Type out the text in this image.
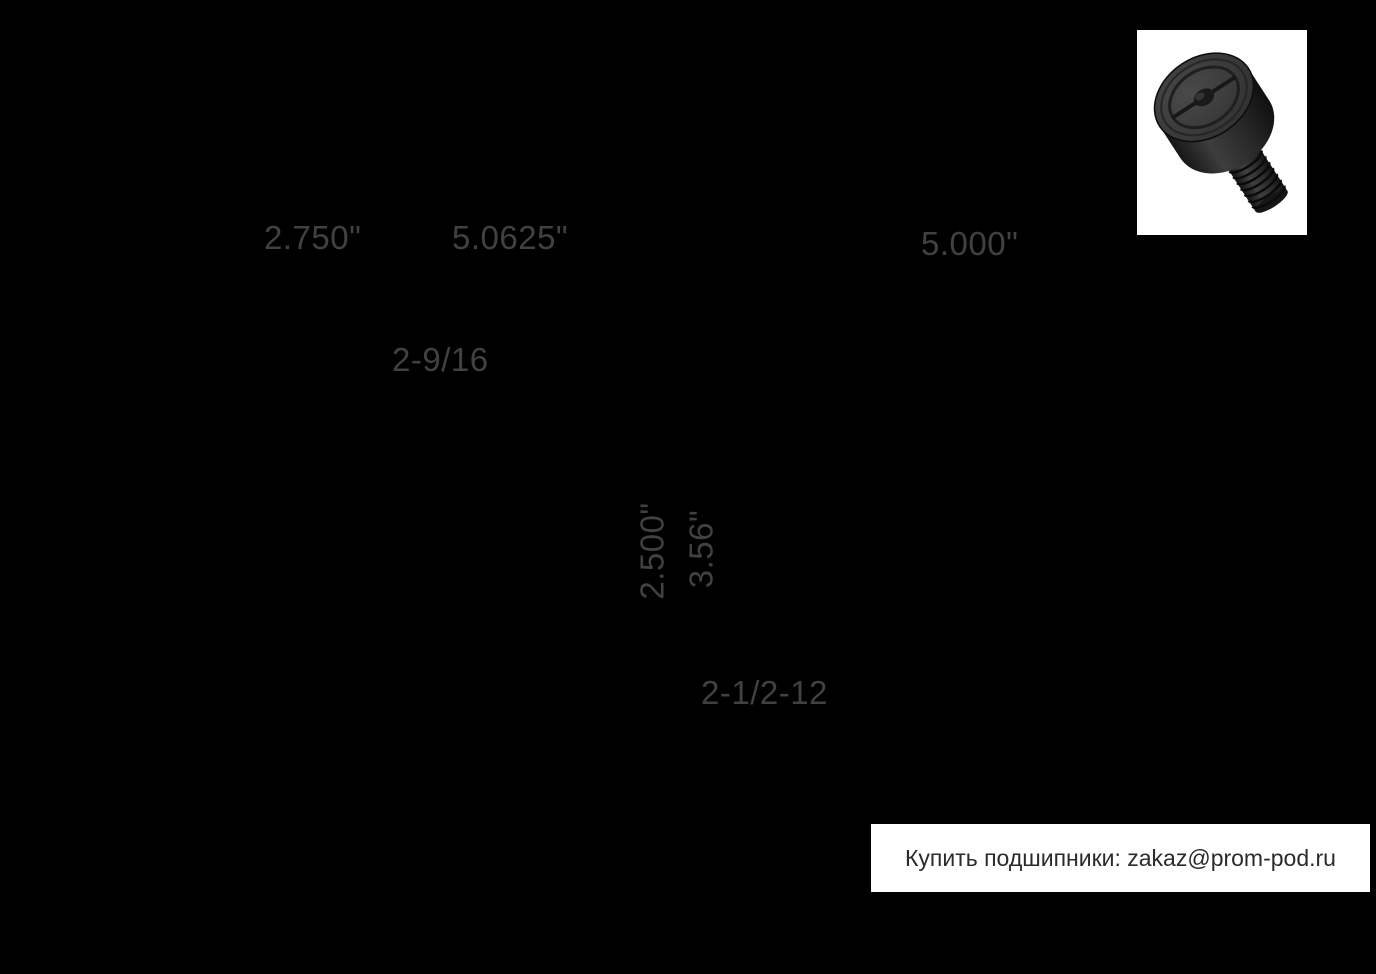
2.750"	5.0625"	5.000"
2-9/16
2.500" 3.56"
2-1/2-12
Купить подшипники: zakaz@prom-pod.ru
